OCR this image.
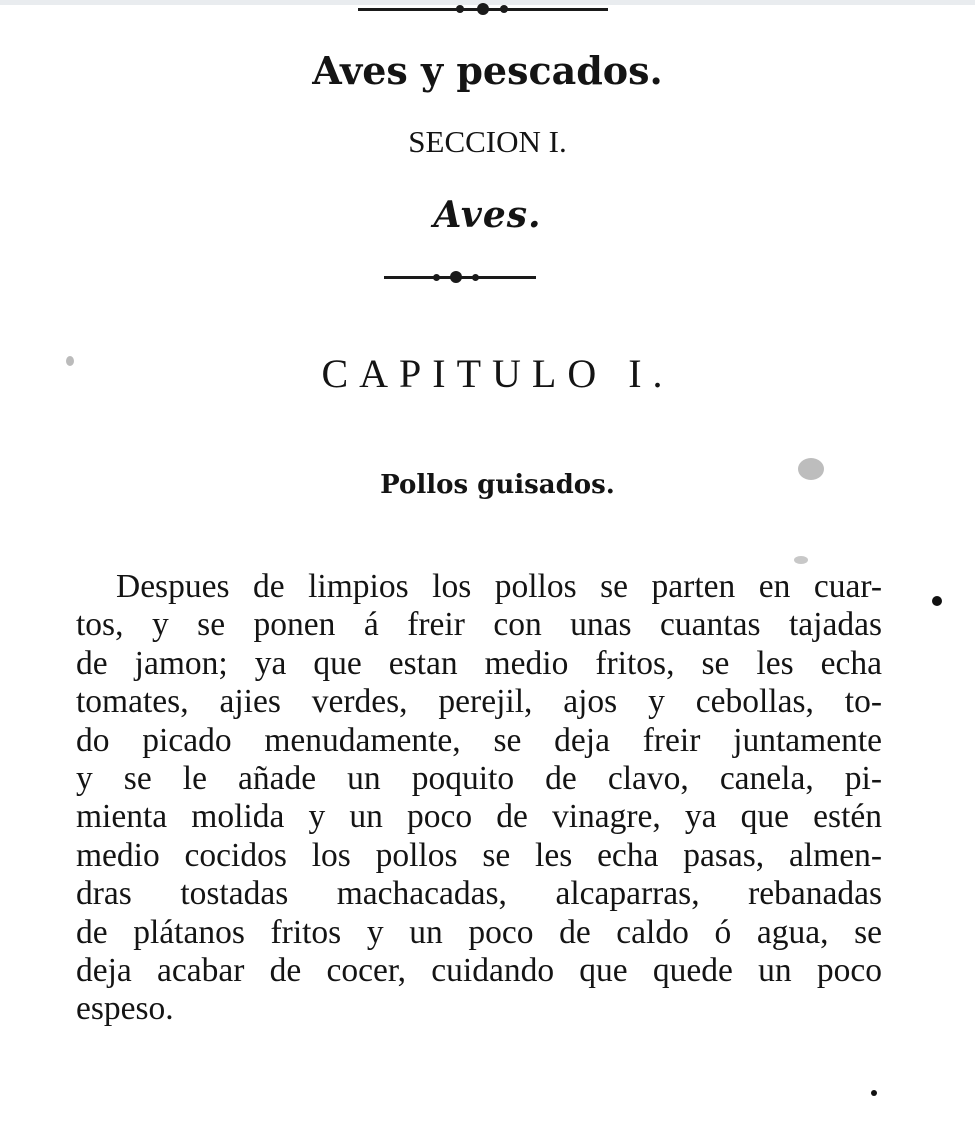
Aves y pescados.
SECCION I.
Aves.
CAPITULO I.
Pollos guisados.
Despues de limpios los pollos se parten en cuar-
tos, y se ponen á freir con unas cuantas tajadas
de jamon; ya que estan medio fritos, se les echa
tomates, ajies verdes, perejil, ajos y cebollas, to-
do picado menudamente, se deja freir juntamente
y se le añade un poquito de clavo, canela, pi-
mienta molida y un poco de vinagre, ya que estén
medio cocidos los pollos se les echa pasas, almen-
dras tostadas machacadas, alcaparras, rebanadas
de plátanos fritos y un poco de caldo ó agua, se
deja acabar de cocer, cuidando que quede un poco
espeso.
